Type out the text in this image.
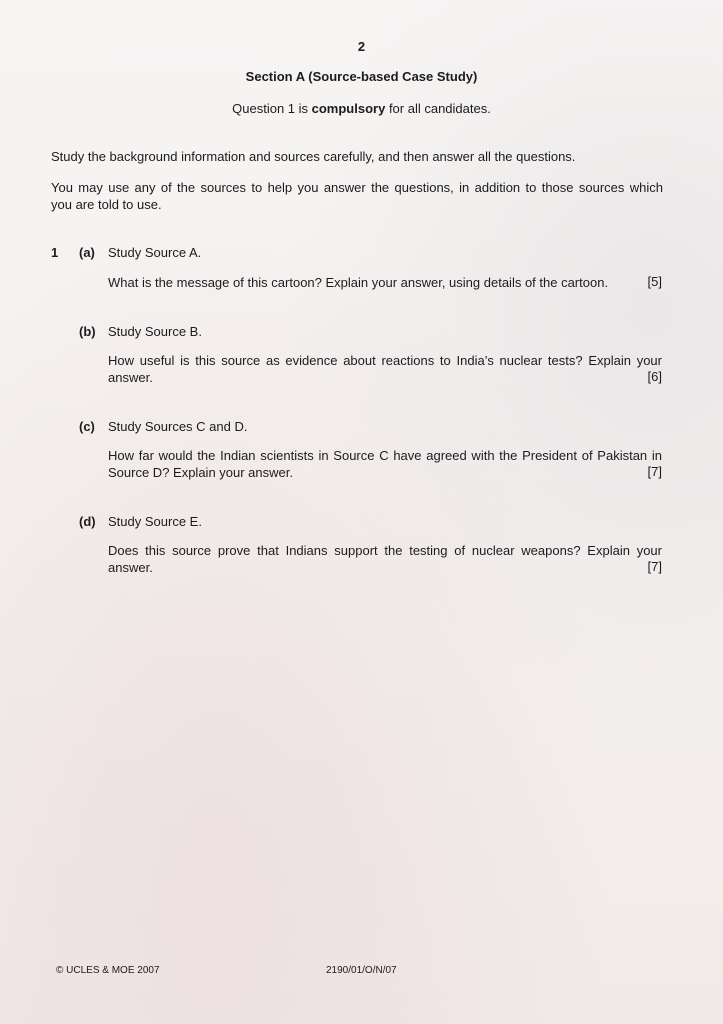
2
Section A (Source-based Case Study)
Question 1 is compulsory for all candidates.
Study the background information and sources carefully, and then answer all the questions.
You may use any of the sources to help you answer the questions, in addition to those sources which
you are told to use.
1 (a) Study Source A.
What is the message of this cartoon? Explain your answer, using details of the cartoon.	[5]
(b) Study Source B.
How useful is this source as evidence about reactions to India’s nuclear tests? Explain your
answer.	[6]
(c) Study Sources C and D.
How far would the Indian scientists in Source C have agreed with the President of Pakistan in
Source D? Explain your answer.	[7]
(d) Study Source E.
Does this source prove that Indians support the testing of nuclear weapons? Explain your
answer.	[7]
© UCLES & MOE 2007	2190/01/O/N/07
